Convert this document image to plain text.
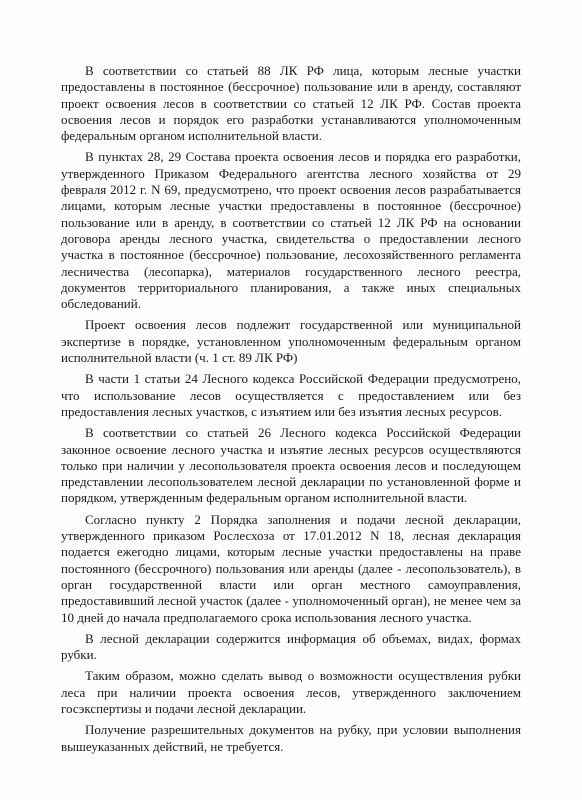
В соответствии со статьей 88 ЛК РФ лица, которым лесные участки предоставлены в постоянное (бессрочное) пользование или в аренду, составляют проект освоения лесов в соответствии со статьей 12 ЛК РФ. Состав проекта освоения лесов и порядок его разработки устанавливаются уполномоченным федеральным органом исполнительной власти.

В пунктах 28, 29 Состава проекта освоения лесов и порядка его разработки, утвержденного Приказом Федерального агентства лесного хозяйства от 29 февраля 2012 г. N 69, предусмотрено, что проект освоения лесов разрабатывается лицами, которым лесные участки предоставлены в постоянное (бессрочное) пользование или в аренду, в соответствии со статьей 12 ЛК РФ на основании договора аренды лесного участка, свидетельства о предоставлении лесного участка в постоянное (бессрочное) пользование, лесохозяйственного регламента лесничества (лесопарка), материалов государственного лесного реестра, документов территориального планирования, а также иных специальных обследований.

Проект освоения лесов подлежит государственной или муниципальной экспертизе в порядке, установленном уполномоченным федеральным органом исполнительной власти (ч. 1 ст. 89 ЛК РФ)

В части 1 статьи 24 Лесного кодекса Российской Федерации предусмотрено, что использование лесов осуществляется с предоставлением или без предоставления лесных участков, с изъятием или без изъятия лесных ресурсов.

В соответствии со статьей 26 Лесного кодекса Российской Федерации законное освоение лесного участка и изъятие лесных ресурсов осуществляются только при наличии у лесопользователя проекта освоения лесов и последующем представлении лесопользователем лесной декларации по установленной форме и порядком, утвержденным федеральным органом исполнительной власти.

Согласно пункту 2 Порядка заполнения и подачи лесной декларации, утвержденного приказом Рослесхоза от 17.01.2012 N 18, лесная декларация подается ежегодно лицами, которым лесные участки предоставлены на праве постоянного (бессрочного) пользования или аренды (далее - лесопользователь), в орган государственной власти или орган местного самоуправления, предоставивший лесной участок (далее - уполномоченный орган), не менее чем за 10 дней до начала предполагаемого срока использования лесного участка.

В лесной декларации содержится информация об объемах, видах, формах рубки.

Таким образом, можно сделать вывод о возможности осуществления рубки леса при наличии проекта освоения лесов, утвержденного заключением госэкспертизы и подачи лесной декларации.

Получение разрешительных документов на рубку, при условии выполнения вышеуказанных действий, не требуется.
